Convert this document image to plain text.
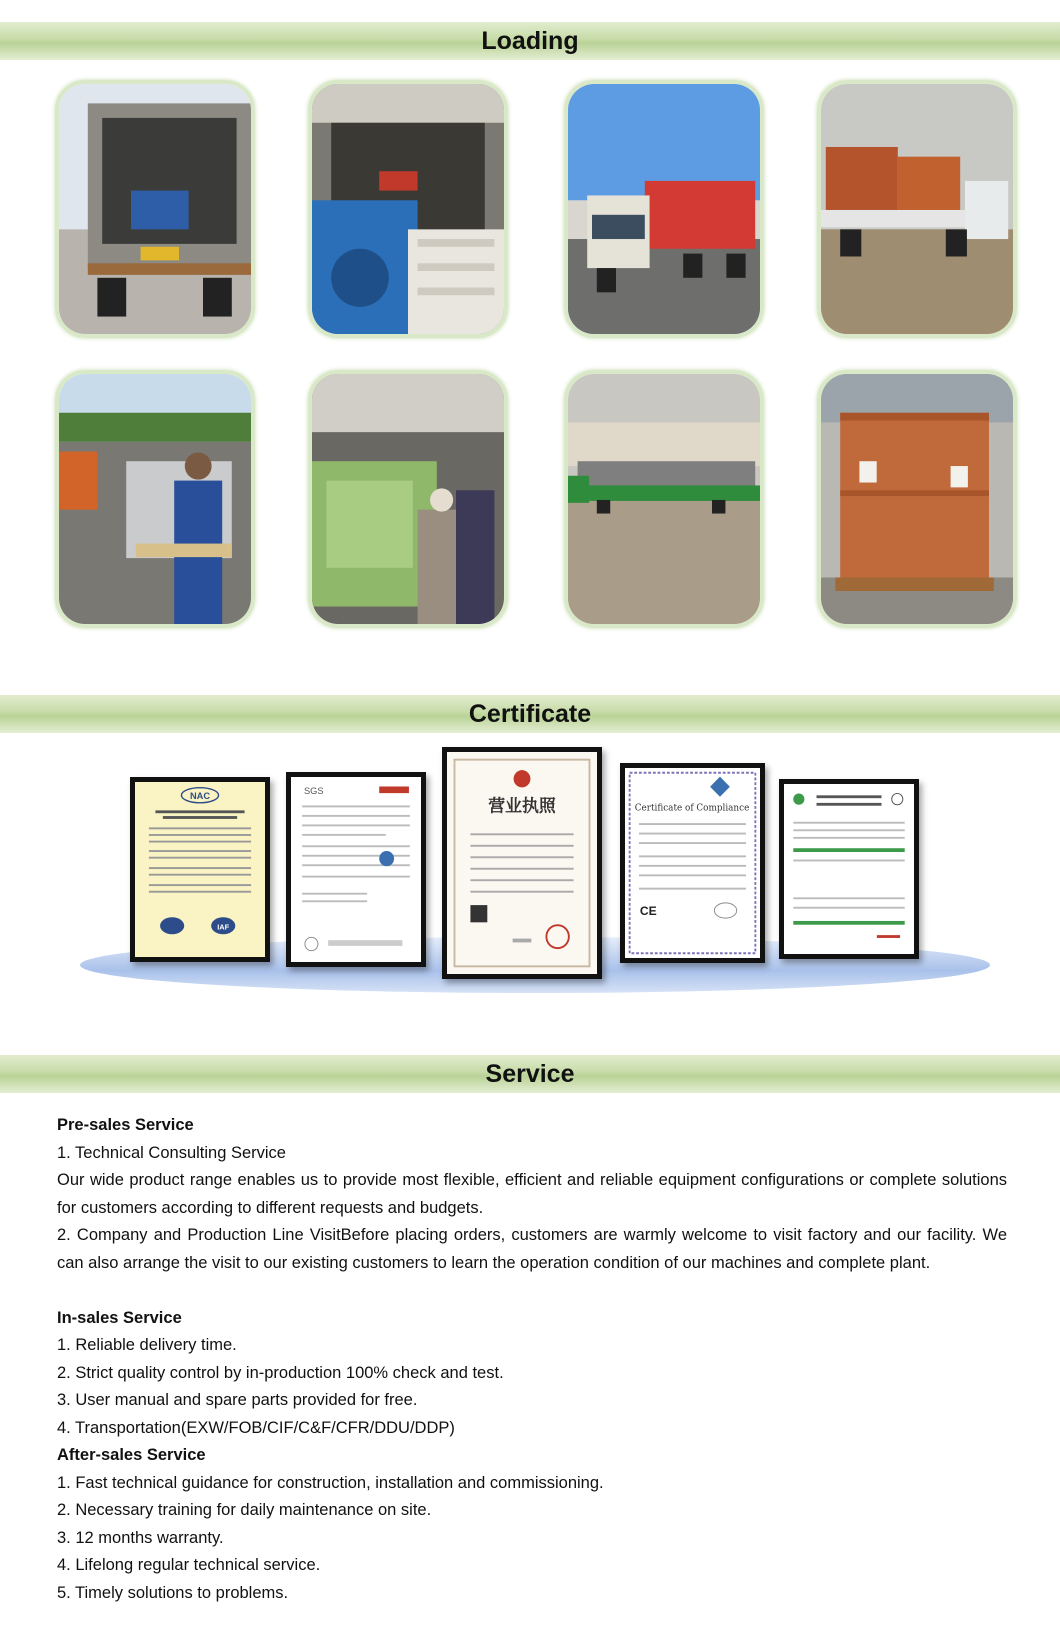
Loading
Certificate
NAC
IAF
SGS
营业执照	Certificate of Compliance
CE
Service

Pre-sales Service

1. Technical Consulting Service

Our wide product range enables us to provide most flexible, efficient and reliable equipment configurations or complete solutions for customers according to different requests and budgets.

2. Company and Production Line VisitBefore placing orders, customers are warmly welcome to visit factory and our facility. We can also arrange the visit to our existing customers to learn the operation condition of our machines and complete plant.

In-sales Service

1. Reliable delivery time.

2. Strict quality control by in-production 100% check and test.

3. User manual and spare parts provided for free.

4. Transportation(EXW/FOB/CIF/C&F/CFR/DDU/DDP)

After-sales Service

1. Fast technical guidance for construction, installation and commissioning.

2. Necessary training for daily maintenance on site.

3. 12 months warranty.

4. Lifelong regular technical service.

5. Timely solutions to problems.
